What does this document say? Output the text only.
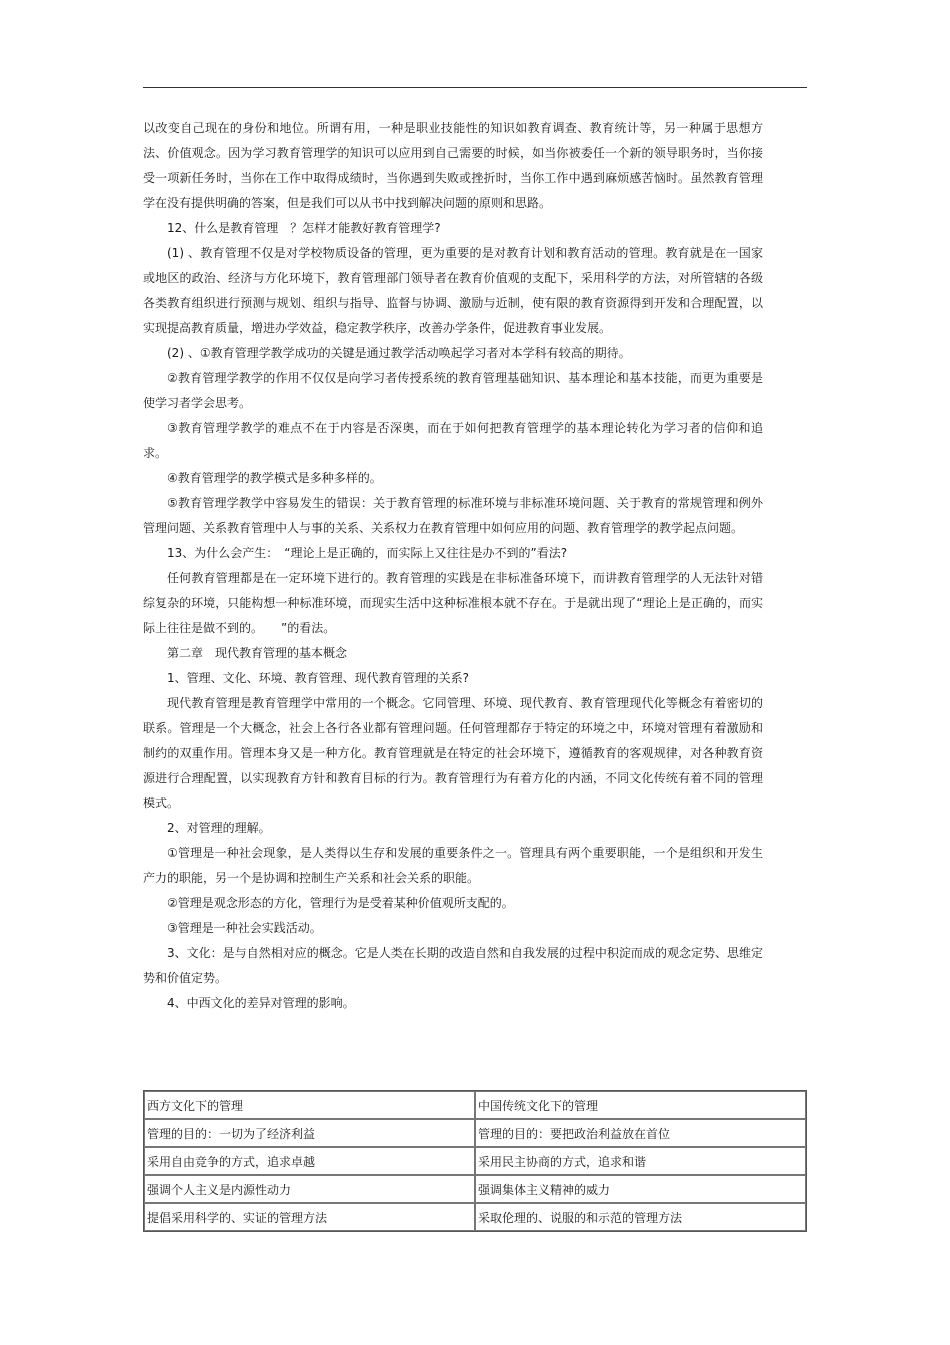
以改变自己现在的身份和地位。所谓有用，一种是职业技能性的知识如教育调查、教育统计等，另一种属于思想方法、价值观念。因为学习教育管理学的知识可以应用到自己需要的时候，如当你被委任一个新的领导职务时，当你接受一项新任务时，当你在工作中取得成绩时，当你遇到失败或挫折时，当你工作中遇到麻烦感苦恼时。虽然教育管理学在没有提供明确的答案，但是我们可以从书中找到解决问题的原则和思路。

12、什么是教育管理　？怎样才能教好教育管理学?

(1) 、教育管理不仅是对学校物质设备的管理，更为重要的是对教育计划和教育活动的管理。教育就是在一国家或地区的政治、经济与方化环境下，教育管理部门领导者在教育价值观的支配下，采用科学的方法，对所管辖的各级各类教育组织进行预测与规划、组织与指导、监督与协调、激励与近制，使有限的教育资源得到开发和合理配置，以实现提高教育质量，增进办学效益，稳定教学秩序，改善办学条件，促进教育事业发展。

(2) 、①教育管理学教学成功的关键是通过教学活动唤起学习者对本学科有较高的期待。

②教育管理学教学的作用不仅仅是向学习者传授系统的教育管理基础知识、基本理论和基本技能，而更为重要是使学习者学会思考。

③教育管理学教学的难点不在于内容是否深奥，而在于如何把教育管理学的基本理论转化为学习者的信仰和追求。

④教育管理学的教学模式是多种多样的。

⑤教育管理学教学中容易发生的错误：关于教育管理的标准环境与非标准环境问题、关于教育的常规管理和例外管理问题、关系教育管理中人与事的关系、关系权力在教育管理中如何应用的问题、教育管理学的教学起点问题。

13、为什么会产生：　“理论上是正确的，而实际上又往往是办不到的”看法?

任何教育管理都是在一定环境下进行的。教育管理的实践是在非标准备环境下，而讲教育管理学的人无法针对错综复杂的环境，只能构想一种标准环境，而现实生活中这种标准根本就不存在。于是就出现了“理论上是正确的，而实际上往往是做不到的。　　”的看法。

第二章　现代教育管理的基本概念

1、管理、文化、环境、教育管理、现代教育管理的关系?

现代教育管理是教育管理学中常用的一个概念。它同管理、环境、现代教育、教育管理现代化等概念有着密切的联系。管理是一个大概念，社会上各行各业都有管理问题。任何管理都存于特定的环境之中，环境对管理有着激励和制约的双重作用。管理本身又是一种方化。教育管理就是在特定的社会环境下，遵循教育的客观规律，对各种教育资源进行合理配置，以实现教育方针和教育目标的行为。教育管理行为有着方化的内涵，不同文化传统有着不同的管理模式。

2、对管理的理解。

①管理是一种社会现象，是人类得以生存和发展的重要条件之一。管理具有两个重要职能，一个是组织和开发生产力的职能，另一个是协调和控制生产关系和社会关系的职能。

②管理是观念形态的方化，管理行为是受着某种价值观所支配的。

③管理是一种社会实践活动。

3、文化：是与自然相对应的概念。它是人类在长期的改造自然和自我发展的过程中积淀而成的观念定势、思维定势和价值定势。

4、中西文化的差异对管理的影响。

西方文化下的管理	中国传统文化下的管理
管理的目的：一切为了经济利益	管理的目的：要把政治利益放在首位
采用自由竞争的方式，追求卓越	采用民主协商的方式，追求和谐
强调个人主义是内源性动力	强调集体主义精神的威力
提倡采用科学的、实证的管理方法	采取伦理的、说服的和示范的管理方法
